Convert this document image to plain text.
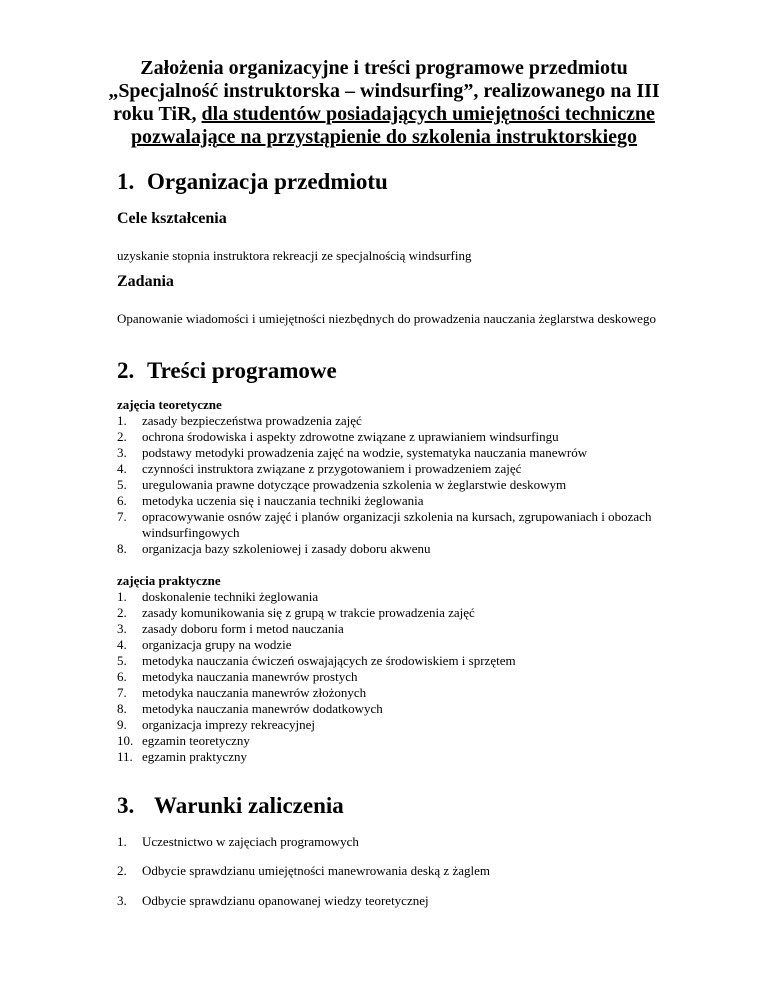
Założenia organizacyjne i treści programowe przedmiotu
„Specjalność instruktorska – windsurfing”, realizowanego na III
roku TiR, dla studentów posiadających umiejętności techniczne
pozwalające na przystąpienie do szkolenia instruktorskiego
1. Organizacja przedmiotu
Cele kształcenia
uzyskanie stopnia instruktora rekreacji ze specjalnością windsurfing
Zadania
Opanowanie wiadomości i umiejętności niezbędnych do prowadzenia nauczania żeglarstwa deskowego
2. Treści programowe
zajęcia teoretyczne
1.	zasady bezpieczeństwa prowadzenia zajęć
2.	ochrona środowiska i aspekty zdrowotne związane z uprawianiem windsurfingu
3.	podstawy metodyki prowadzenia zajęć na wodzie, systematyka nauczania manewrów
4.	czynności instruktora związane z przygotowaniem i prowadzeniem zajęć
5.	uregulowania prawne dotyczące prowadzenia szkolenia w żeglarstwie deskowym
6.	metodyka uczenia się i nauczania techniki żeglowania
7.	opracowywanie osnów zajęć i planów organizacji szkolenia na kursach, zgrupowaniach i obozach windsurfingowych
8.	organizacja bazy szkoleniowej i zasady doboru akwenu
zajęcia praktyczne
1.	doskonalenie techniki żeglowania
2.	zasady komunikowania się z grupą w trakcie prowadzenia zajęć
3.	zasady doboru form i metod nauczania
4.	organizacja grupy na wodzie
5.	metodyka nauczania ćwiczeń oswajających ze środowiskiem i sprzętem
6.	metodyka nauczania manewrów prostych
7.	metodyka nauczania manewrów złożonych
8.	metodyka nauczania manewrów dodatkowych
9.	organizacja imprezy rekreacyjnej
10. egzamin teoretyczny
11. egzamin praktyczny
3. Warunki zaliczenia
1. Uczestnictwo w zajęciach programowych
2. Odbycie sprawdzianu umiejętności manewrowania deską z żaglem
3. Odbycie sprawdzianu opanowanej wiedzy teoretycznej
